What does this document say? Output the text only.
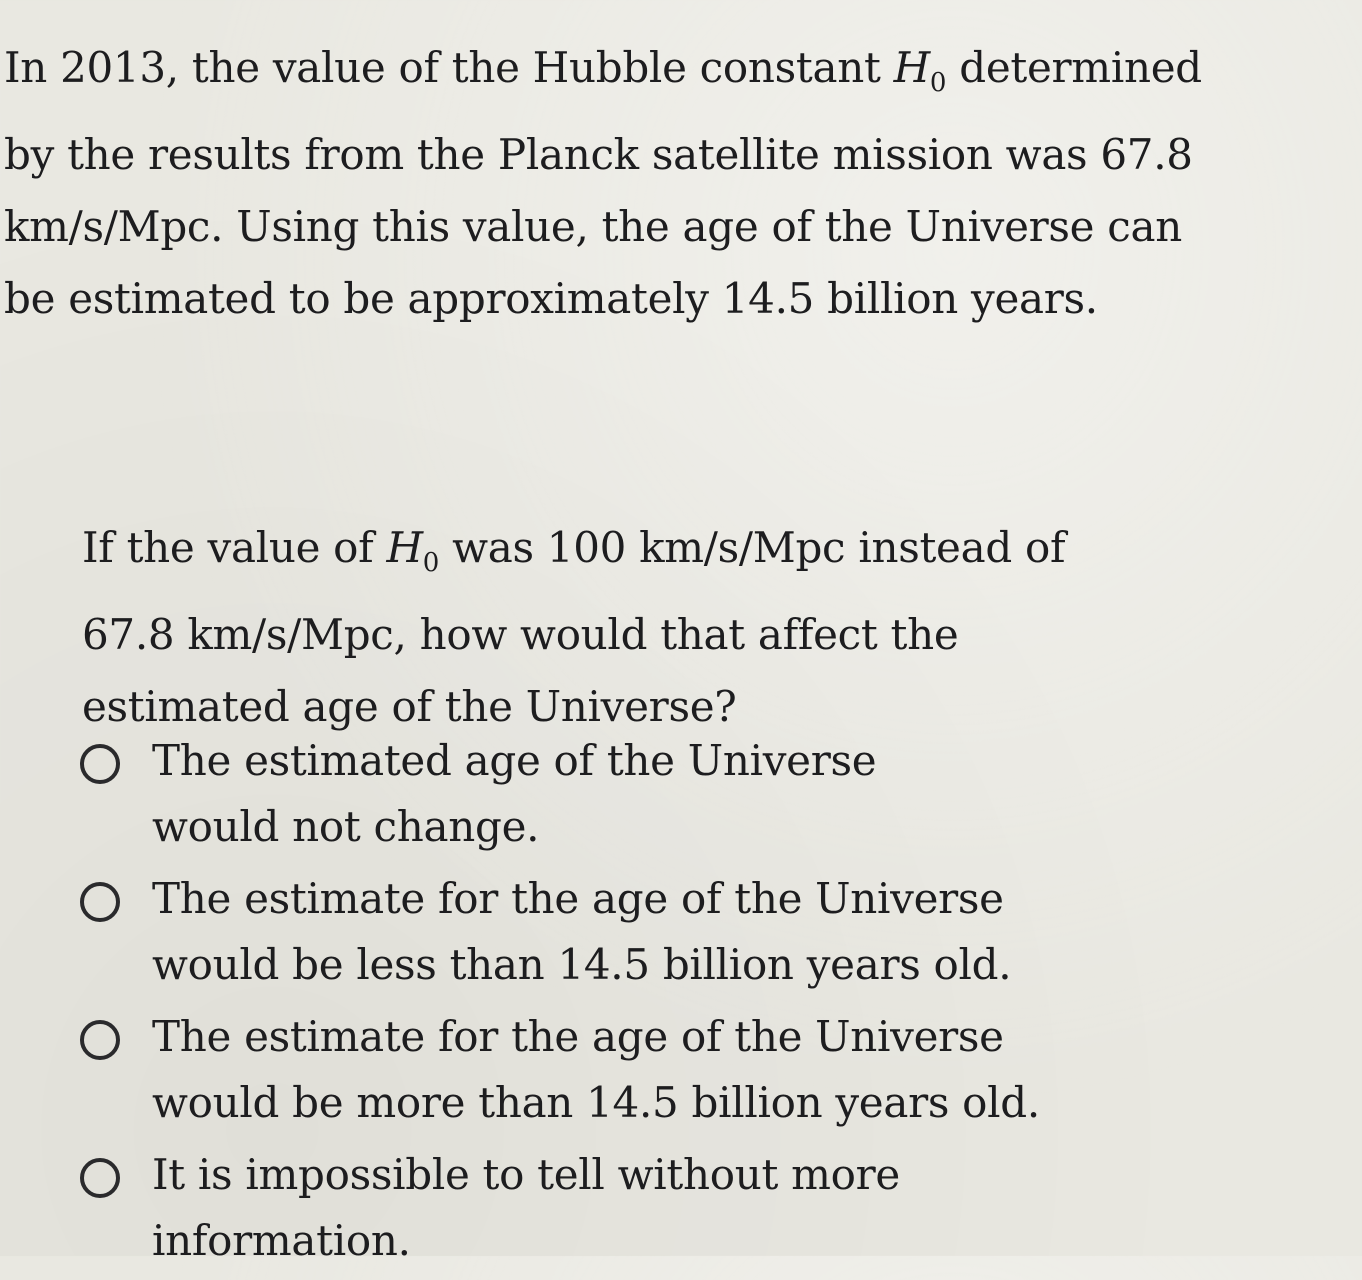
In 2013, the value of the Hubble constant $H_0$ determined by the results from the Planck satellite mission was 67.8 km/s/Mpc. Using this value, the age of the Universe can be estimated to be approximately 14.5 billion years.

If the value of $H_0$ was 100 km/s/Mpc instead of 67.8 km/s/Mpc, how would that affect the estimated age of the Universe?

The estimated age of the Universe would not change.
The estimate for the age of the Universe would be less than 14.5 billion years old.
The estimate for the age of the Universe would be more than 14.5 billion years old.
It is impossible to tell without more information.
